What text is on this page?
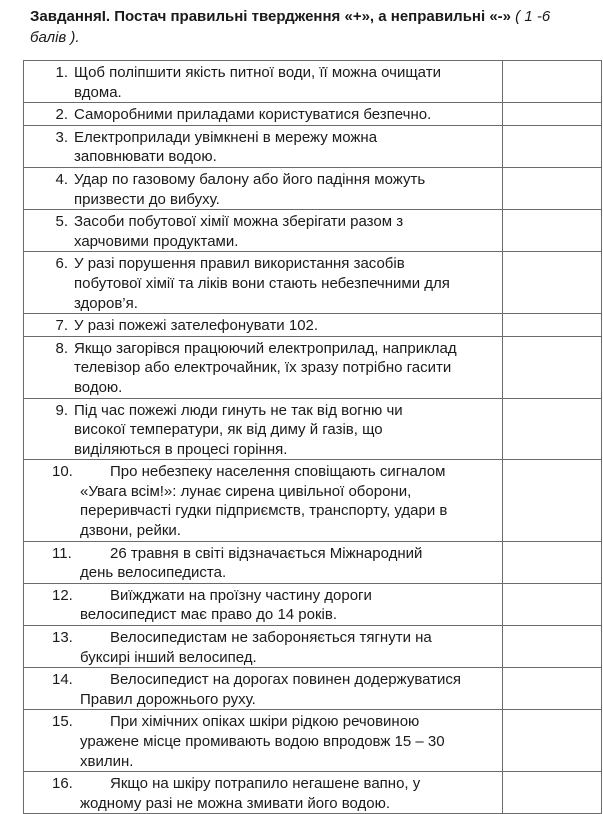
ЗавданняІ. Постач правильні твердження «+», а неправильні «-» ( 1 -6 балів ).
1. Щоб поліпшити якість питної води, її можна очищати
вдома.	

2. Саморобними приладами користуватися безпечно.	

3. Електроприлади увімкнені в мережу можна
заповнювати водою.	

4. Удар по газовому балону або його падіння можуть
призвести до вибуху.	

5. Засоби побутової хімії можна зберігати разом з
харчовими продуктами.	

6. У разі порушення правил використання засобів
побутової хімії та ліків вони стають небезпечними для
здоров’я.	

7. У разі пожежі зателефонувати 102.	

8. Якщо загорівся працюючий електроприлад, наприклад
телевізор або електрочайник, їх зразу потрібно гасити
водою.	

9. Під час пожежі люди гинуть не так від вогню чи
високої температури, як від диму й газів, що
виділяються в процесі горіння.	

10. Про небезпеку населення сповіщають сигналом
«Увага всім!»: лунає сирена цивільної оборони,
переривчасті гудки підприємств, транспорту, удари в
дзвони, рейки.	

11. 26 травня в світі відзначається Міжнародний
день велосипедиста.	

12. Виїжджати на проїзну частину дороги
велосипедист має право до 14 років.	

13. Велосипедистам не забороняється тягнути на
буксирі інший велосипед.	

14. Велосипедист на дорогах повинен додержуватися
Правил дорожнього руху.	

15. При хімічних опіках шкіри рідкою речовиною
уражене місце промивають водою впродовж 15 – 30
хвилин.	

16. Якщо на шкіру потрапило негашене вапно, у
жодному разі не можна змивати його водою.	
